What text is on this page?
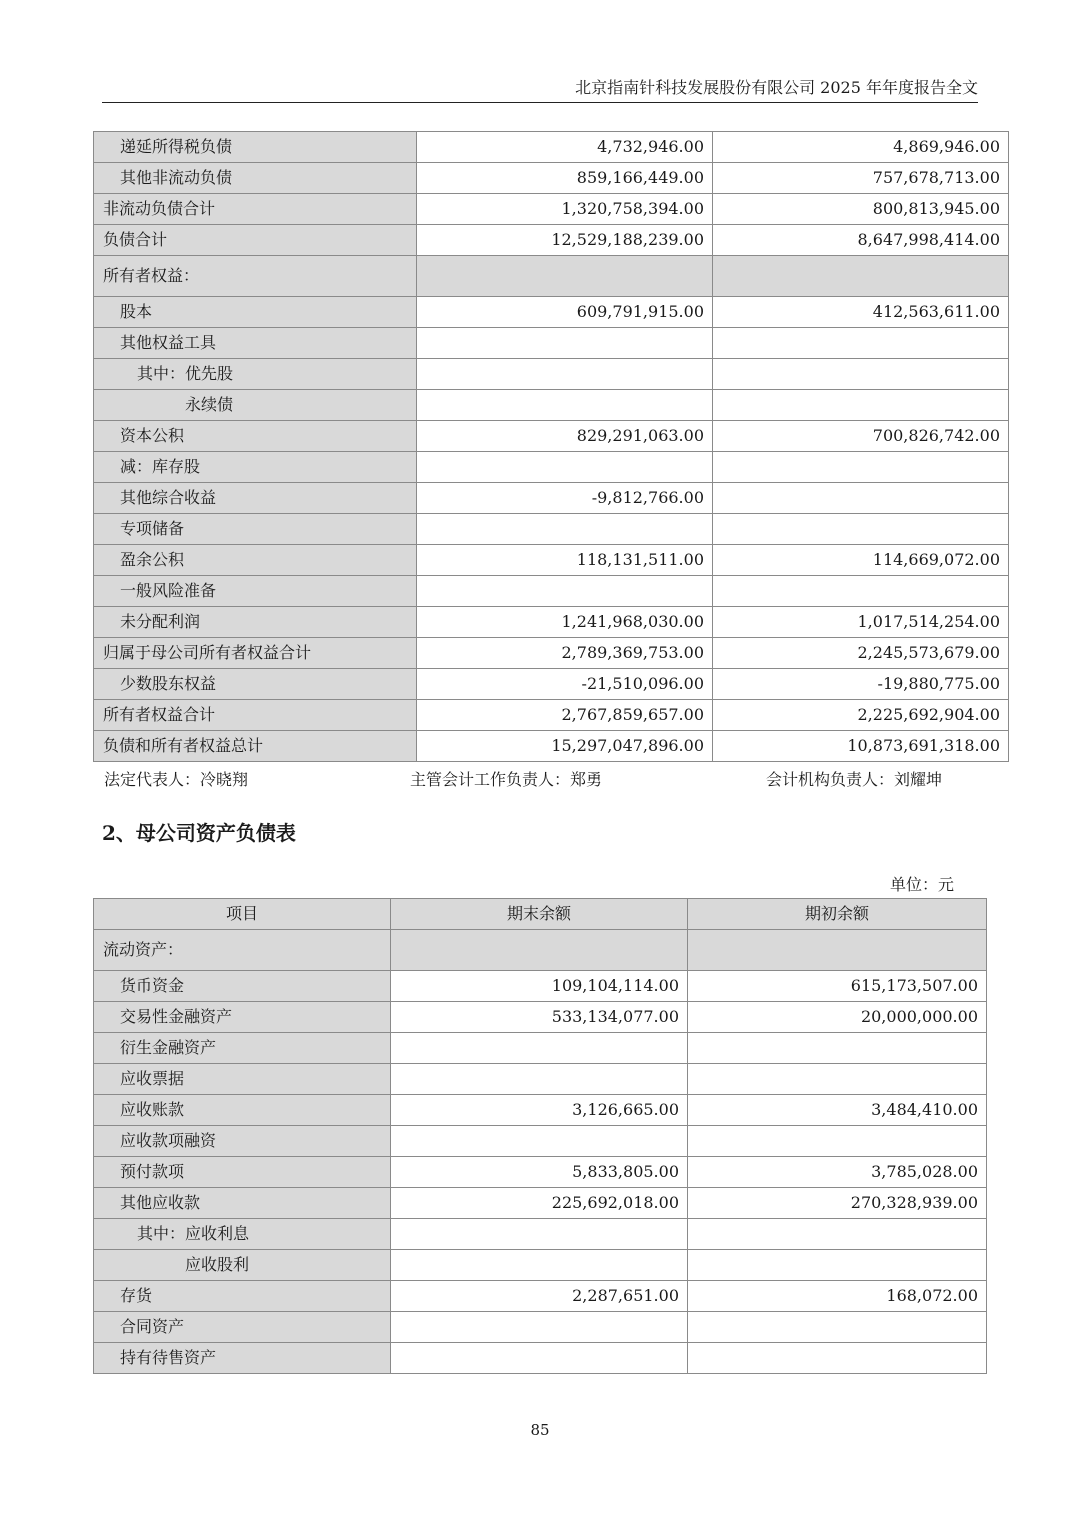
北京指南针科技发展股份有限公司 2025 年年度报告全文
递延所得税负债	4,732,946.00	4,869,946.00
其他非流动负债	859,166,449.00	757,678,713.00
非流动负债合计	1,320,758,394.00	800,813,945.00
负债合计	12,529,188,239.00	8,647,998,414.00
所有者权益：		
股本	609,791,915.00	412,563,611.00
其他权益工具		
其中：优先股		
永续债		
资本公积	829,291,063.00	700,826,742.00
减：库存股		
其他综合收益	-9,812,766.00	
专项储备		
盈余公积	118,131,511.00	114,669,072.00
一般风险准备		
未分配利润	1,241,968,030.00	1,017,514,254.00
归属于母公司所有者权益合计	2,789,369,753.00	2,245,573,679.00
少数股东权益	-21,510,096.00	-19,880,775.00
所有者权益合计	2,767,859,657.00	2,225,692,904.00
负债和所有者权益总计	15,297,047,896.00	10,873,691,318.00
法定代表人：冷晓翔	主管会计工作负责人：郑勇	会计机构负责人：刘耀坤
2、母公司资产负债表
单位：元
项目	期末余额	期初余额
流动资产：		
货币资金	109,104,114.00	615,173,507.00
交易性金融资产	533,134,077.00	20,000,000.00
衍生金融资产		
应收票据		
应收账款	3,126,665.00	3,484,410.00
应收款项融资		
预付款项	5,833,805.00	3,785,028.00
其他应收款	225,692,018.00	270,328,939.00
其中：应收利息		
应收股利		
存货	2,287,651.00	168,072.00
合同资产		
持有待售资产		
85
